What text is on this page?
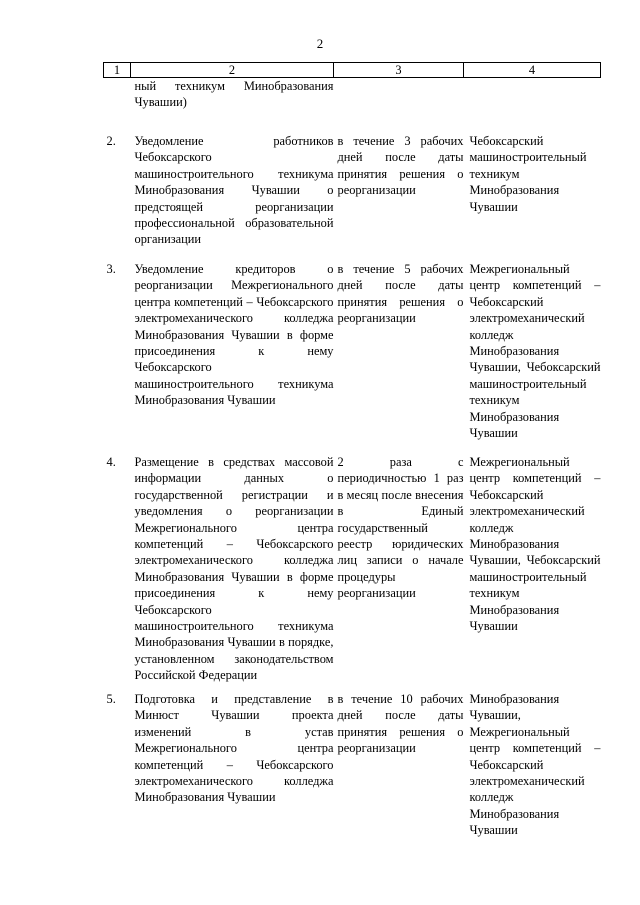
2
1	2	3	4
	ный техникум Минобразования Чувашии)		
2.	Уведомление работников Чебоксарского машиностроительного техникума Минобразования Чувашии о предстоящей реорганизации профессиональной образовательной организации	в течение 3 рабочих дней после даты принятия решения о реорганизации	Чебоксарский машиностроительный техникум Минобразования Чувашии
3.	Уведомление кредиторов о реорганизации Межрегионального центра компетенций – Чебоксарского электромеханического колледжа Минобразования Чувашии в форме присоединения к нему Чебоксарского машиностроительного техникума Минобразования Чувашии	в течение 5 рабочих дней после даты принятия решения о реорганизации	Межрегиональный центр компетенций – Чебоксарский электромеханический колледж Минобразования Чувашии, Чебоксарский машиностроительный техникум Минобразования Чувашии
4.	Размещение в средствах массовой информации данных о государственной регистрации и уведомления о реорганизации Межрегионального центра компетенций – Чебоксарского электромеханического колледжа Минобразования Чувашии в форме присоединения к нему Чебоксарского машиностроительного техникума Минобразования Чувашии в порядке, установленном законодательством Российской Федерации	2 раза с периодичностью 1 раз в месяц после внесения в Единый государственный реестр юридических лиц записи о начале процедуры реорганизации	Межрегиональный центр компетенций – Чебоксарский электромеханический колледж Минобразования Чувашии, Чебоксарский машиностроительный техникум Минобразования Чувашии
5.	Подготовка и представление в Минюст Чувашии проекта изменений в устав Межрегионального центра компетенций – Чебоксарского электромеханического колледжа Минобразования Чувашии	в течение 10 рабочих дней после даты принятия решения о реорганизации	Минобразования Чувашии, Межрегиональный центр компетенций – Чебоксарский электромеханический колледж Минобразования Чувашии
